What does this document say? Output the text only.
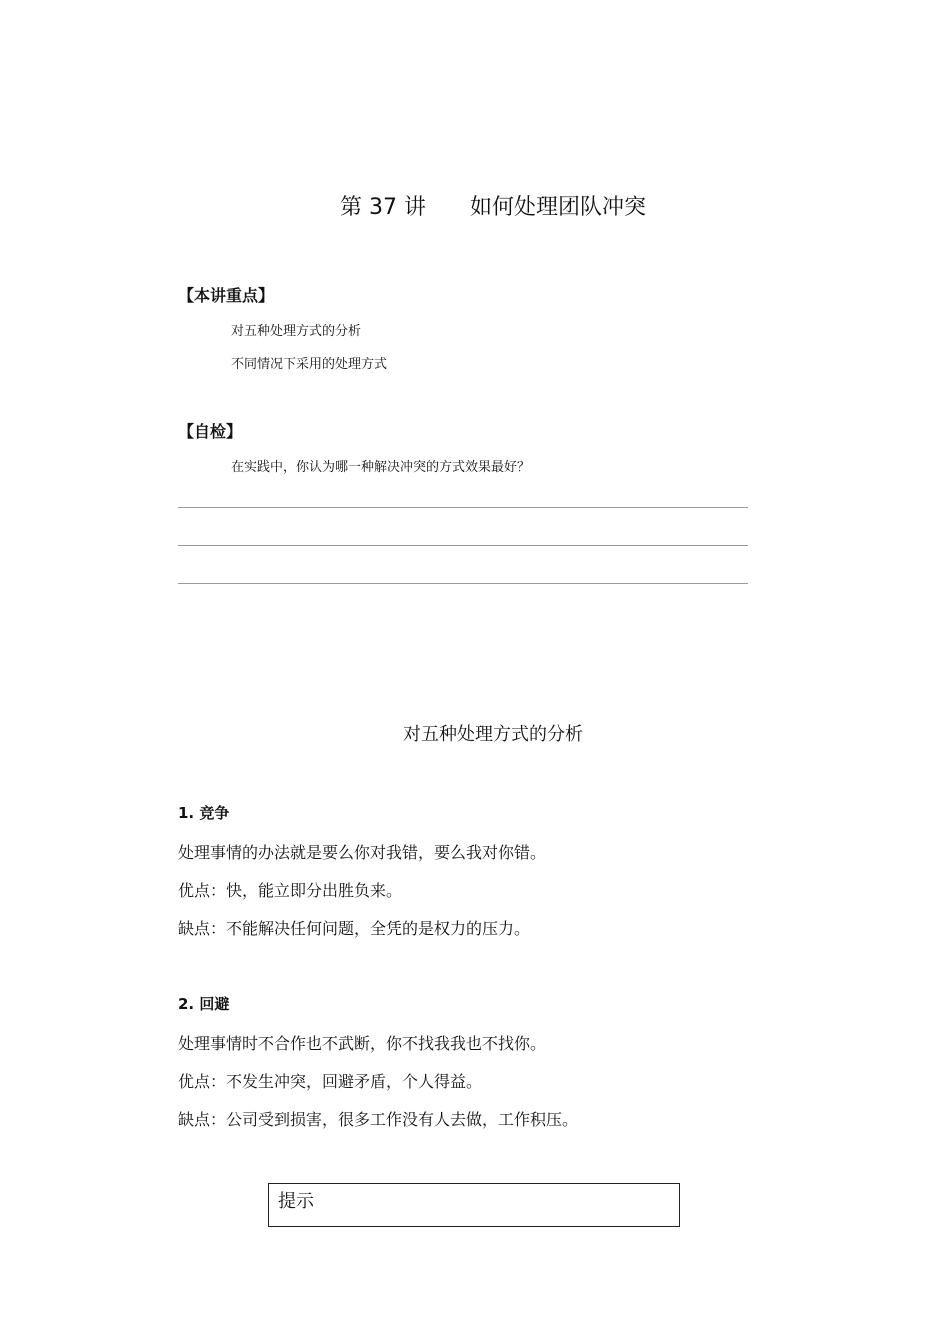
第 37 讲 如何处理团队冲突
【本讲重点】
对五种处理方式的分析
不同情况下采用的处理方式
【自检】
在实践中，你认为哪一种解决冲突的方式效果最好？
对五种处理方式的分析
1. 竞争
处理事情的办法就是要么你对我错，要么我对你错。
优点：快，能立即分出胜负来。
缺点：不能解决任何问题，全凭的是权力的压力。
2. 回避
处理事情时不合作也不武断，你不找我我也不找你。
优点：不发生冲突，回避矛盾，个人得益。
缺点：公司受到损害，很多工作没有人去做，工作积压。
提示
